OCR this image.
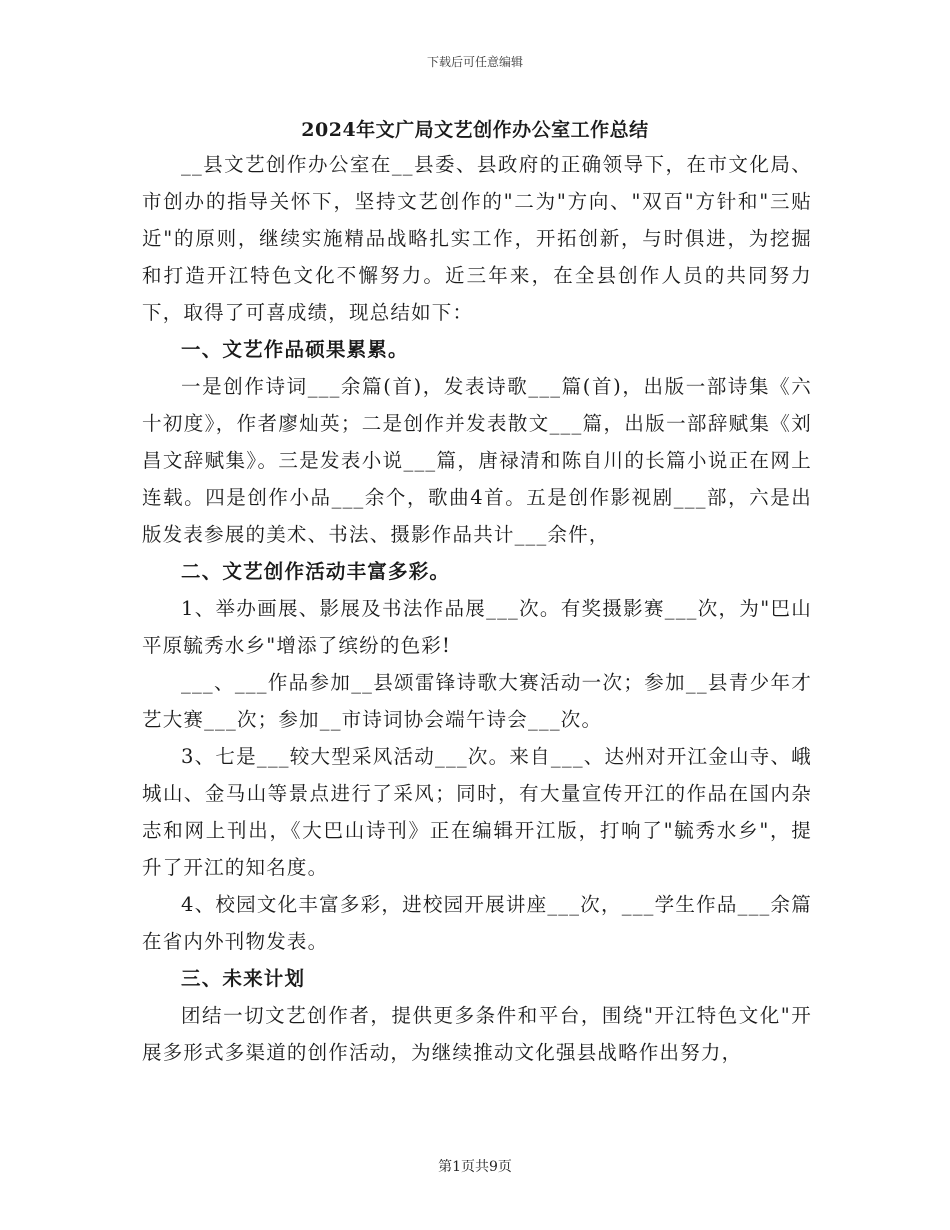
下载后可任意编辑
2024年文广局文艺创作办公室工作总结

__县文艺创作办公室在__县委、县政府的正确领导下，在市文化局、市创办的指导关怀下，坚持文艺创作的"二为"方向、"双百"方针和"三贴近"的原则，继续实施精品战略扎实工作，开拓创新，与时俱进，为挖掘和打造开江特色文化不懈努力。近三年来，在全县创作人员的共同努力下，取得了可喜成绩，现总结如下：

一、文艺作品硕果累累。

一是创作诗词___余篇(首)，发表诗歌___篇(首)，出版一部诗集《六十初度》，作者廖灿英；二是创作并发表散文___篇，出版一部辞赋集《刘昌文辞赋集》。三是发表小说___篇，唐禄清和陈自川的长篇小说正在网上连载。四是创作小品___余个，歌曲4首。五是创作影视剧___部，六是出版发表参展的美术、书法、摄影作品共计___余件，

二、文艺创作活动丰富多彩。

1、举办画展、影展及书法作品展___次。有奖摄影赛___次，为"巴山平原毓秀水乡"增添了缤纷的色彩!

___、___作品参加__县颂雷锋诗歌大赛活动一次；参加__县青少年才艺大赛___次；参加__市诗词协会端午诗会___次。

3、七是___较大型采风活动___次。来自___、达州对开江金山寺、峨城山、金马山等景点进行了采风；同时，有大量宣传开江的作品在国内杂志和网上刊出，《大巴山诗刊》正在编辑开江版，打响了"毓秀水乡"，提升了开江的知名度。

4、校园文化丰富多彩，进校园开展讲座___次，___学生作品___余篇在省内外刊物发表。

三、未来计划

团结一切文艺创作者，提供更多条件和平台，围绕"开江特色文化"开展多形式多渠道的创作活动，为继续推动文化强县战略作出努力，

第1页共9页
